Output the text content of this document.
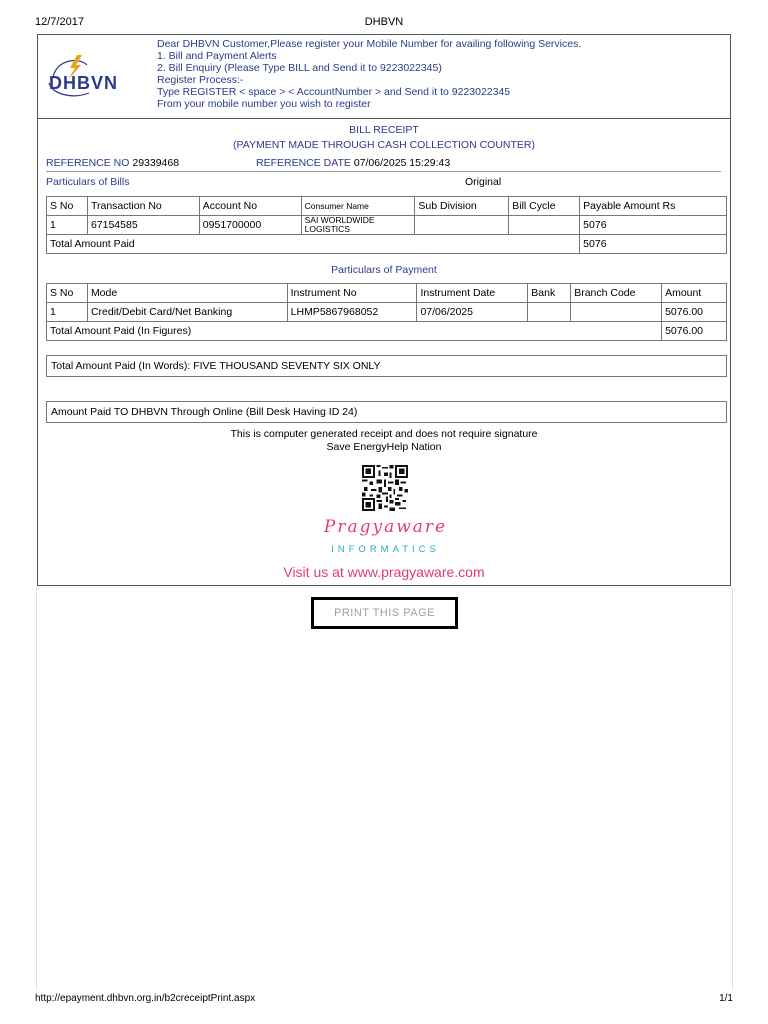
12/7/2017	DHBVN
http://epayment.dhbvn.org.in/b2creceiptPrint.aspx	1/1
DHBVN
Dear DHBVN Customer,Please register your Mobile Number for availing following Services.
1. Bill and Payment Alerts
2. Bill Enquiry (Please Type BILL and Send it to 9223022345)
Register Process:-
Type REGISTER < space > < AccountNumber > and Send it to 9223022345
From your mobile number you wish to register
BILL RECEIPT
(PAYMENT MADE THROUGH CASH COLLECTION COUNTER)
REFERENCE NO 29339468	REFERENCE DATE 07/06/2025 15:29:43
Particulars of Bills	Original
S No	Transaction No	Account No	Consumer Name	Sub Division	Bill Cycle	Payable Amount Rs
1	67154585	0951700000	SAI WORLDWIDE LOGISTICS			5076
Total Amount Paid						5076
Particulars of Payment
S No	Mode	Instrument No	Instrument Date	Bank	Branch Code	Amount
1	Credit/Debit Card/Net Banking	LHMP5867968052	07/06/2025			5076.00
Total Amount Paid (In Figures)						5076.00
Total Amount Paid (In Words): FIVE THOUSAND SEVENTY SIX ONLY
Amount Paid TO DHBVN Through Online (Bill Desk Having ID 24)
This is computer generated receipt and does not require signature
Save EnergyHelp Nation
Pragyaware
INFORMATICS
Visit us at www.pragyaware.com
PRINT THIS PAGE
